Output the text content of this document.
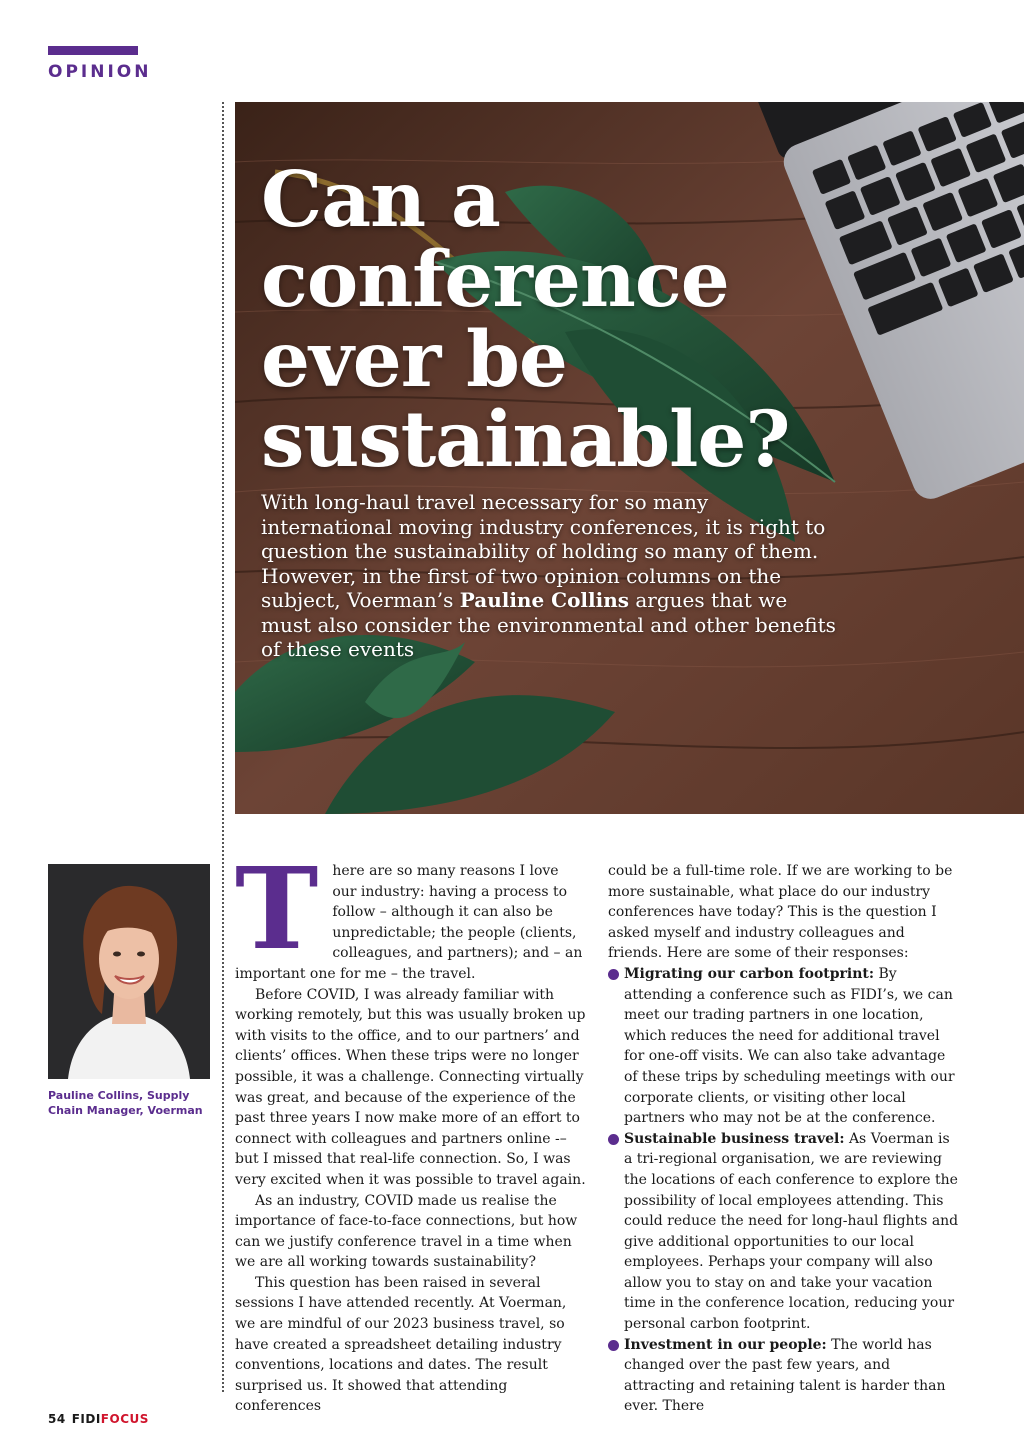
OPINION
Can a conference ever be sustainable?

With long-haul travel necessary for so many international moving industry conferences, it is right to question the sustainability of holding so many of them. However, in the first of two opinion columns on the subject, Voerman’s Pauline Collins argues that we must also consider the environmental and other benefits of these events

Pauline Collins, Supply Chain Manager, Voerman
T	here are so many reasons I love our industry: having a process to follow – although it can also be unpredictable; the people (clients, colleagues, and partners); and – an important one for me – the travel.

Before COVID, I was already familiar with working remotely, but this was usually broken up with visits to the office, and to our partners’ and clients’ offices. When these trips were no longer possible, it was a challenge. Connecting virtually was great, and because of the experience of the past three years I now make more of an effort to connect with colleagues and partners online -– but I missed that real-life connection. So, I was very excited when it was possible to travel again.

As an industry, COVID made us realise the importance of face-to-face connections, but how can we justify conference travel in a time when we are all working towards sustainability?

This question has been raised in several sessions I have attended recently. At Voerman, we are mindful of our 2023 business travel, so have created a spreadsheet detailing industry conventions, locations and dates. The result surprised us. It showed that attending conferences

could be a full-time role. If we are working to be more sustainable, what place do our industry conferences have today? This is the question I asked myself and industry colleagues and friends. Here are some of their responses:

Migrating our carbon footprint: By attending a conference such as FIDI’s, we can meet our trading partners in one location, which reduces the need for additional travel for one-off visits. We can also take advantage of these trips by scheduling meetings with our corporate clients, or visiting other local partners who may not be at the conference.

Sustainable business travel: As Voerman is a tri-regional organisation, we are reviewing the locations of each conference to explore the possibility of local employees attending. This could reduce the need for long-haul flights and give additional opportunities to our local employees. Perhaps your company will also allow you to stay on and take your vacation time in the conference location, reducing your personal carbon footprint.

Investment in our people: The world has changed over the past few years, and attracting and retaining talent is harder than ever. There

54 FIDIFOCUS
